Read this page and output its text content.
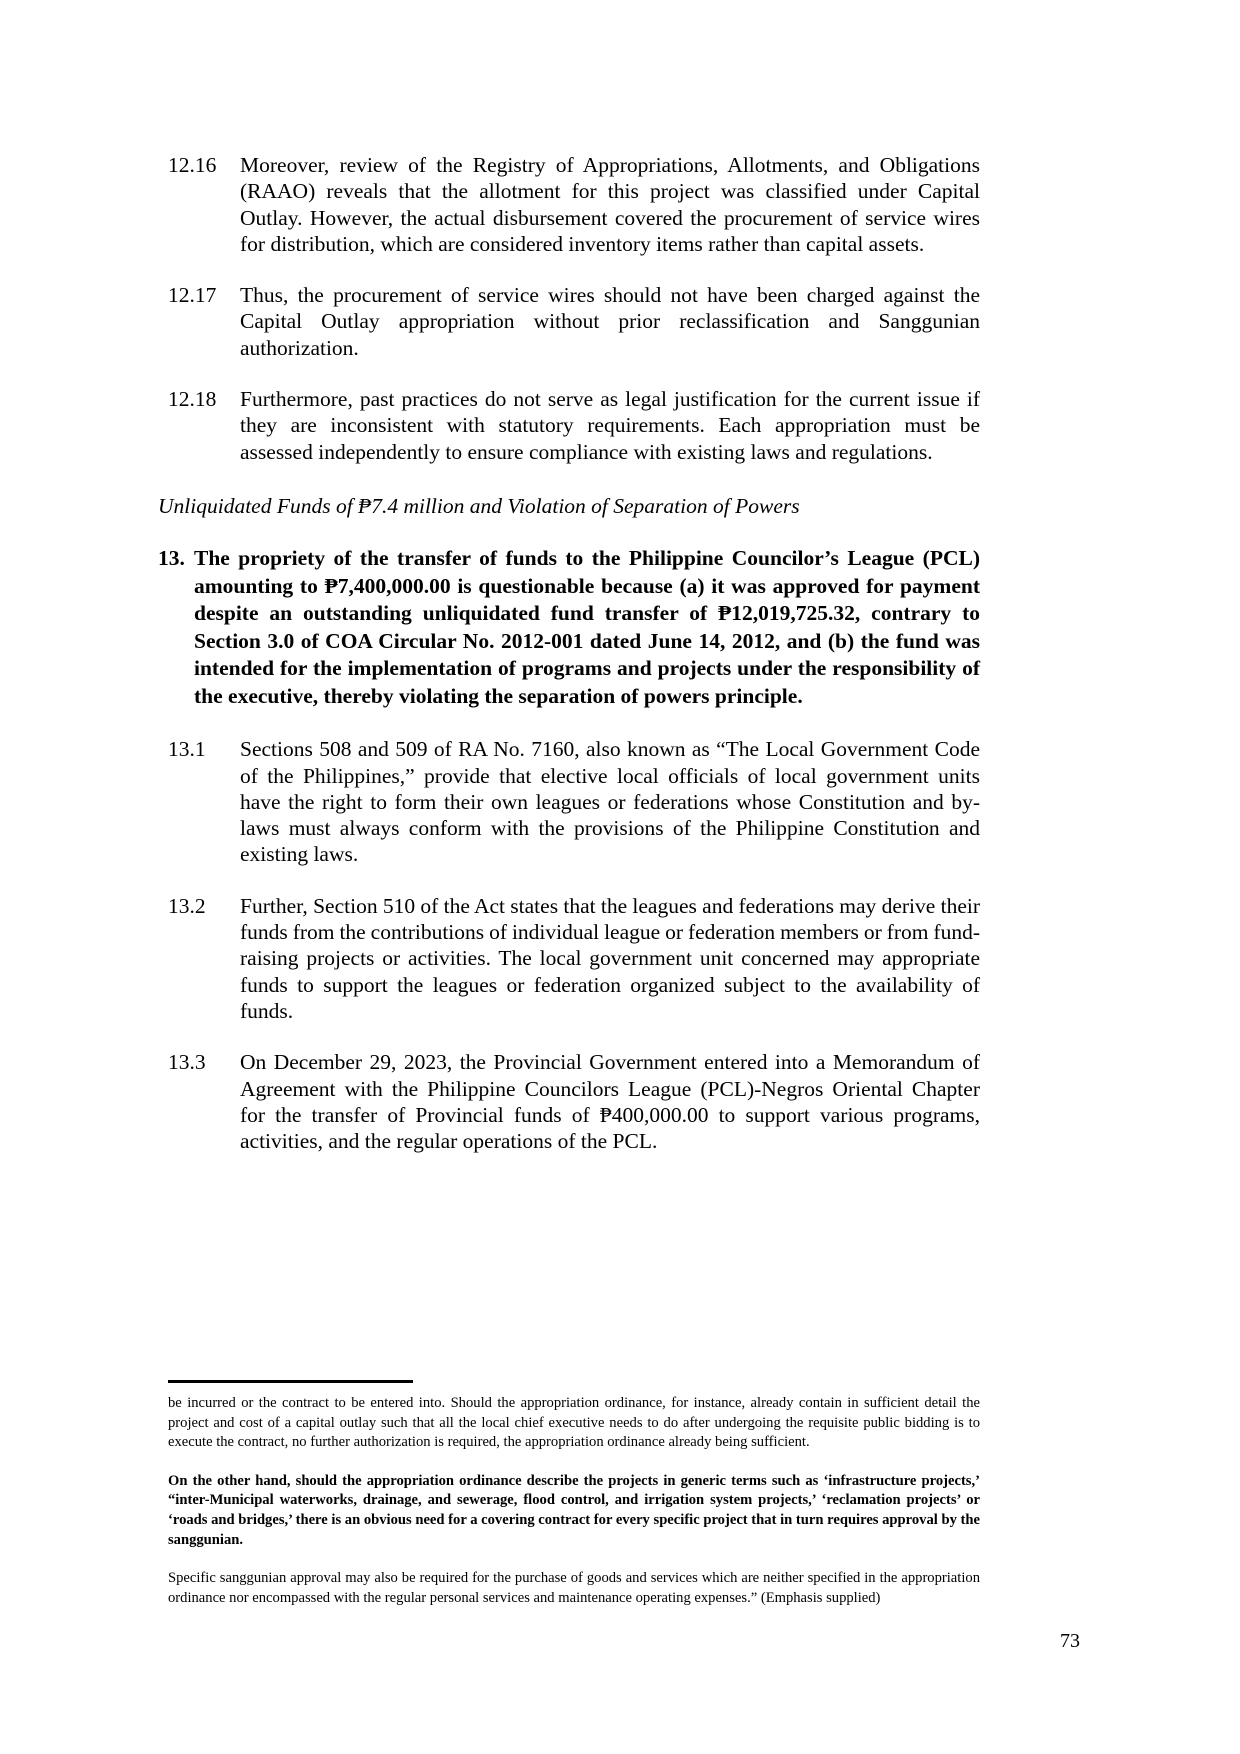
12.16	Moreover, review of the Registry of Appropriations, Allotments, and Obligations (RAAO) reveals that the allotment for this project was classified under Capital Outlay. However, the actual disbursement covered the procurement of service wires for distribution, which are considered inventory items rather than capital assets.
12.17	Thus, the procurement of service wires should not have been charged against the Capital Outlay appropriation without prior reclassification and Sanggunian authorization.
12.18	Furthermore, past practices do not serve as legal justification for the current issue if they are inconsistent with statutory requirements. Each appropriation must be assessed independently to ensure compliance with existing laws and regulations.
Unliquidated Funds of ₱7.4 million and Violation of Separation of Powers
13. The propriety of the transfer of funds to the Philippine Councilor’s League (PCL) amounting to ₱7,400,000.00 is questionable because (a) it was approved for payment despite an outstanding unliquidated fund transfer of ₱12,019,725.32, contrary to Section 3.0 of COA Circular No. 2012-001 dated June 14, 2012, and (b) the fund was intended for the implementation of programs and projects under the responsibility of the executive, thereby violating the separation of powers principle.
13.1	Sections 508 and 509 of RA No. 7160, also known as “The Local Government Code of the Philippines,” provide that elective local officials of local government units have the right to form their own leagues or federations whose Constitution and by-laws must always conform with the provisions of the Philippine Constitution and existing laws.
13.2	Further, Section 510 of the Act states that the leagues and federations may derive their funds from the contributions of individual league or federation members or from fund-raising projects or activities. The local government unit concerned may appropriate funds to support the leagues or federation organized subject to the availability of funds.
13.3	On December 29, 2023, the Provincial Government entered into a Memorandum of Agreement with the Philippine Councilors League (PCL)-Negros Oriental Chapter for the transfer of Provincial funds of ₱400,000.00 to support various programs, activities, and the regular operations of the PCL.

be incurred or the contract to be entered into. Should the appropriation ordinance, for instance, already contain in sufficient detail the project and cost of a capital outlay such that all the local chief executive needs to do after undergoing the requisite public bidding is to execute the contract, no further authorization is required, the appropriation ordinance already being sufficient.

On the other hand, should the appropriation ordinance describe the projects in generic terms such as ‘infrastructure projects,’ “inter-Municipal waterworks, drainage, and sewerage, flood control, and irrigation system projects,’ ‘reclamation projects’ or ‘roads and bridges,’ there is an obvious need for a covering contract for every specific project that in turn requires approval by the sanggunian.

Specific sanggunian approval may also be required for the purchase of goods and services which are neither specified in the appropriation ordinance nor encompassed with the regular personal services and maintenance operating expenses.” (Emphasis supplied)

73
